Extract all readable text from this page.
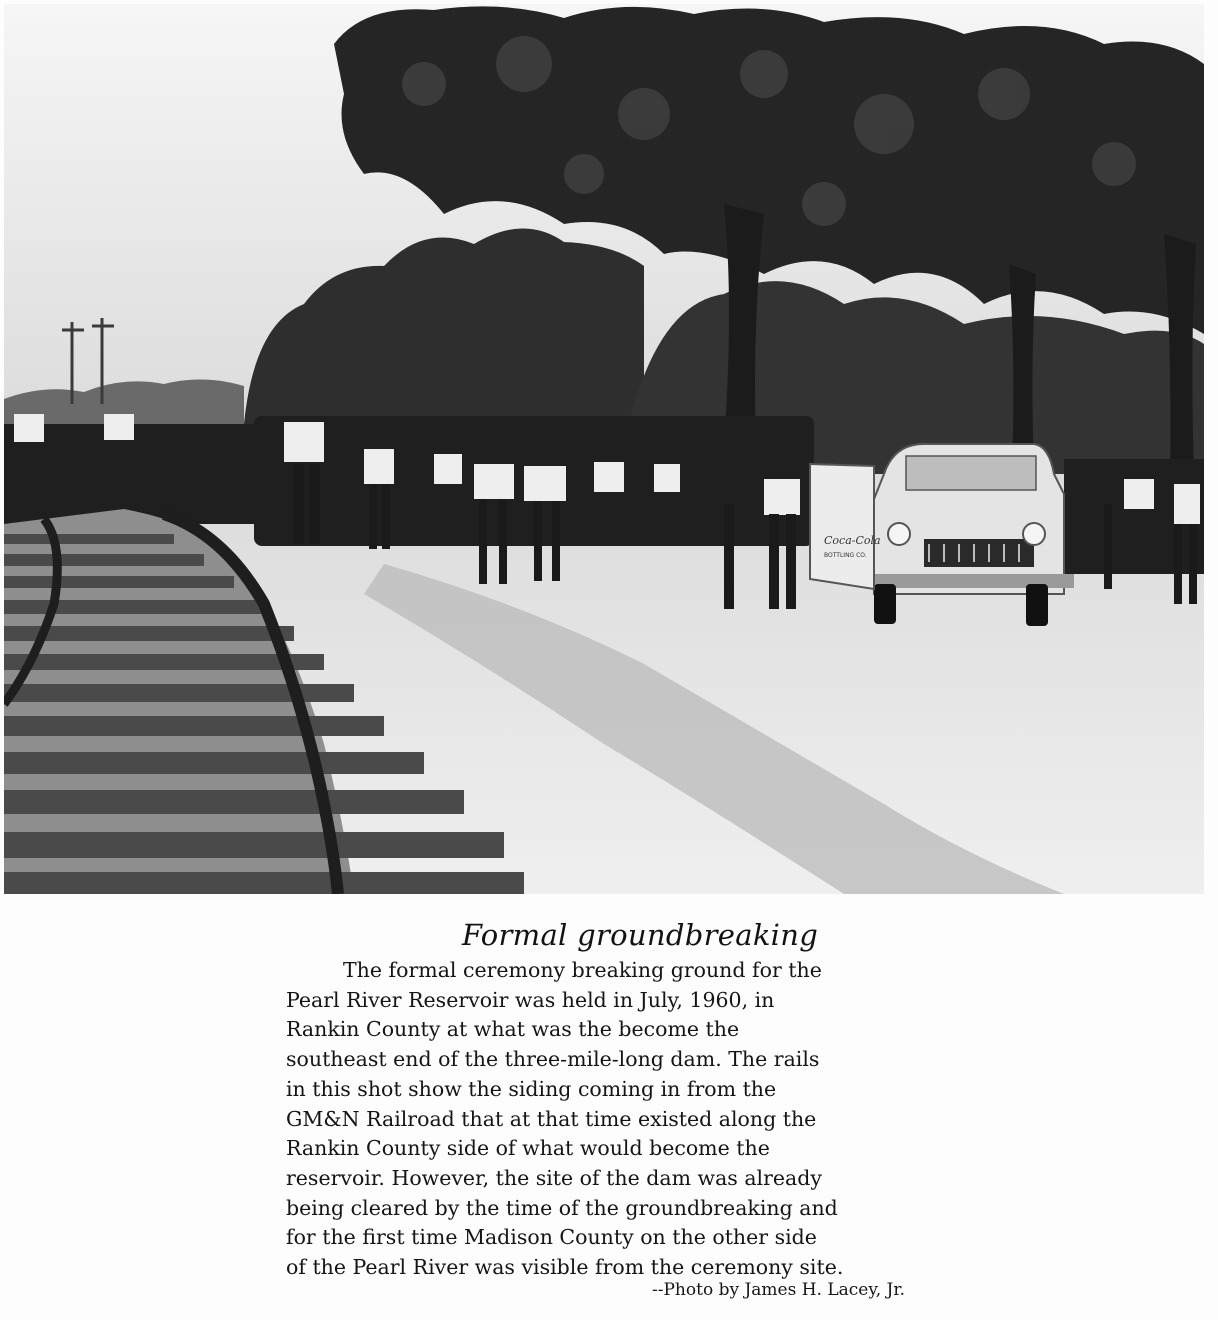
Coca-Cola
BOTTLING CO.
Formal groundbreaking

The formal ceremony breaking ground for the
Pearl River Reservoir was held in July, 1960, in
Rankin County at what was the become the
southeast end of the three-mile-long dam. The rails
in this shot show the siding coming in from the
GM&N Railroad that at that time existed along the
Rankin County side of what would become the
reservoir. However, the site of the dam was already
being cleared by the time of the groundbreaking and
for the first time Madison County on the other side
of the Pearl River was visible from the ceremony site.

--Photo by James H. Lacey, Jr.
